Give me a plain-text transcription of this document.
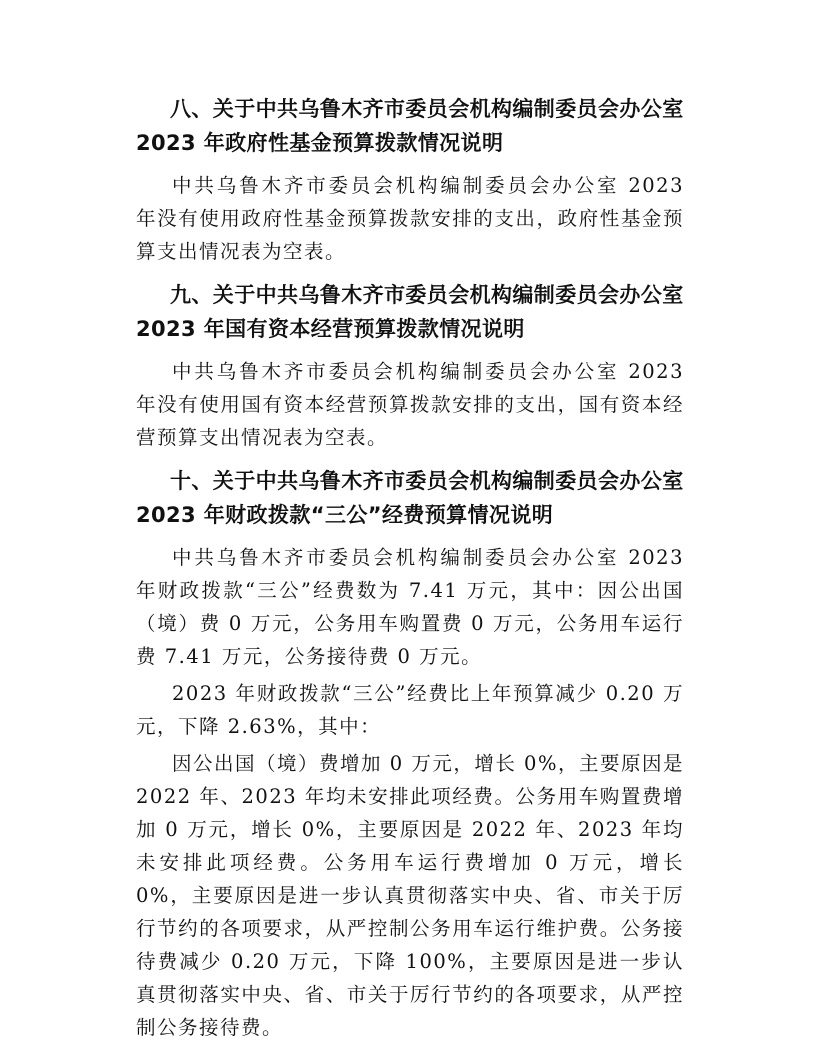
八、关于中共乌鲁木齐市委员会机构编制委员会办公室 2023 年政府性基金预算拨款情况说明

中共乌鲁木齐市委员会机构编制委员会办公室 2023 年没有使用政府性基金预算拨款安排的支出，政府性基金预算支出情况表为空表。

九、关于中共乌鲁木齐市委员会机构编制委员会办公室 2023 年国有资本经营预算拨款情况说明

中共乌鲁木齐市委员会机构编制委员会办公室 2023 年没有使用国有资本经营预算拨款安排的支出，国有资本经营预算支出情况表为空表。

十、关于中共乌鲁木齐市委员会机构编制委员会办公室 2023 年财政拨款“三公”经费预算情况说明

中共乌鲁木齐市委员会机构编制委员会办公室 2023 年财政拨款“三公”经费数为 7.41 万元，其中：因公出国（境）费 0 万元，公务用车购置费 0 万元，公务用车运行费 7.41 万元，公务接待费 0 万元。

2023 年财政拨款“三公”经费比上年预算减少 0.20 万元，下降 2.63%，其中：

因公出国（境）费增加 0 万元，增长 0%，主要原因是 2022 年、2023 年均未安排此项经费。公务用车购置费增加 0 万元，增长 0%，主要原因是 2022 年、2023 年均未安排此项经费。公务用车运行费增加 0 万元，增长 0%，主要原因是进一步认真贯彻落实中央、省、市关于厉行节约的各项要求，从严控制公务用车运行维护费。公务接待费减少 0.20 万元，下降 100%，主要原因是进一步认真贯彻落实中央、省、市关于厉行节约的各项要求，从严控制公务接待费。
